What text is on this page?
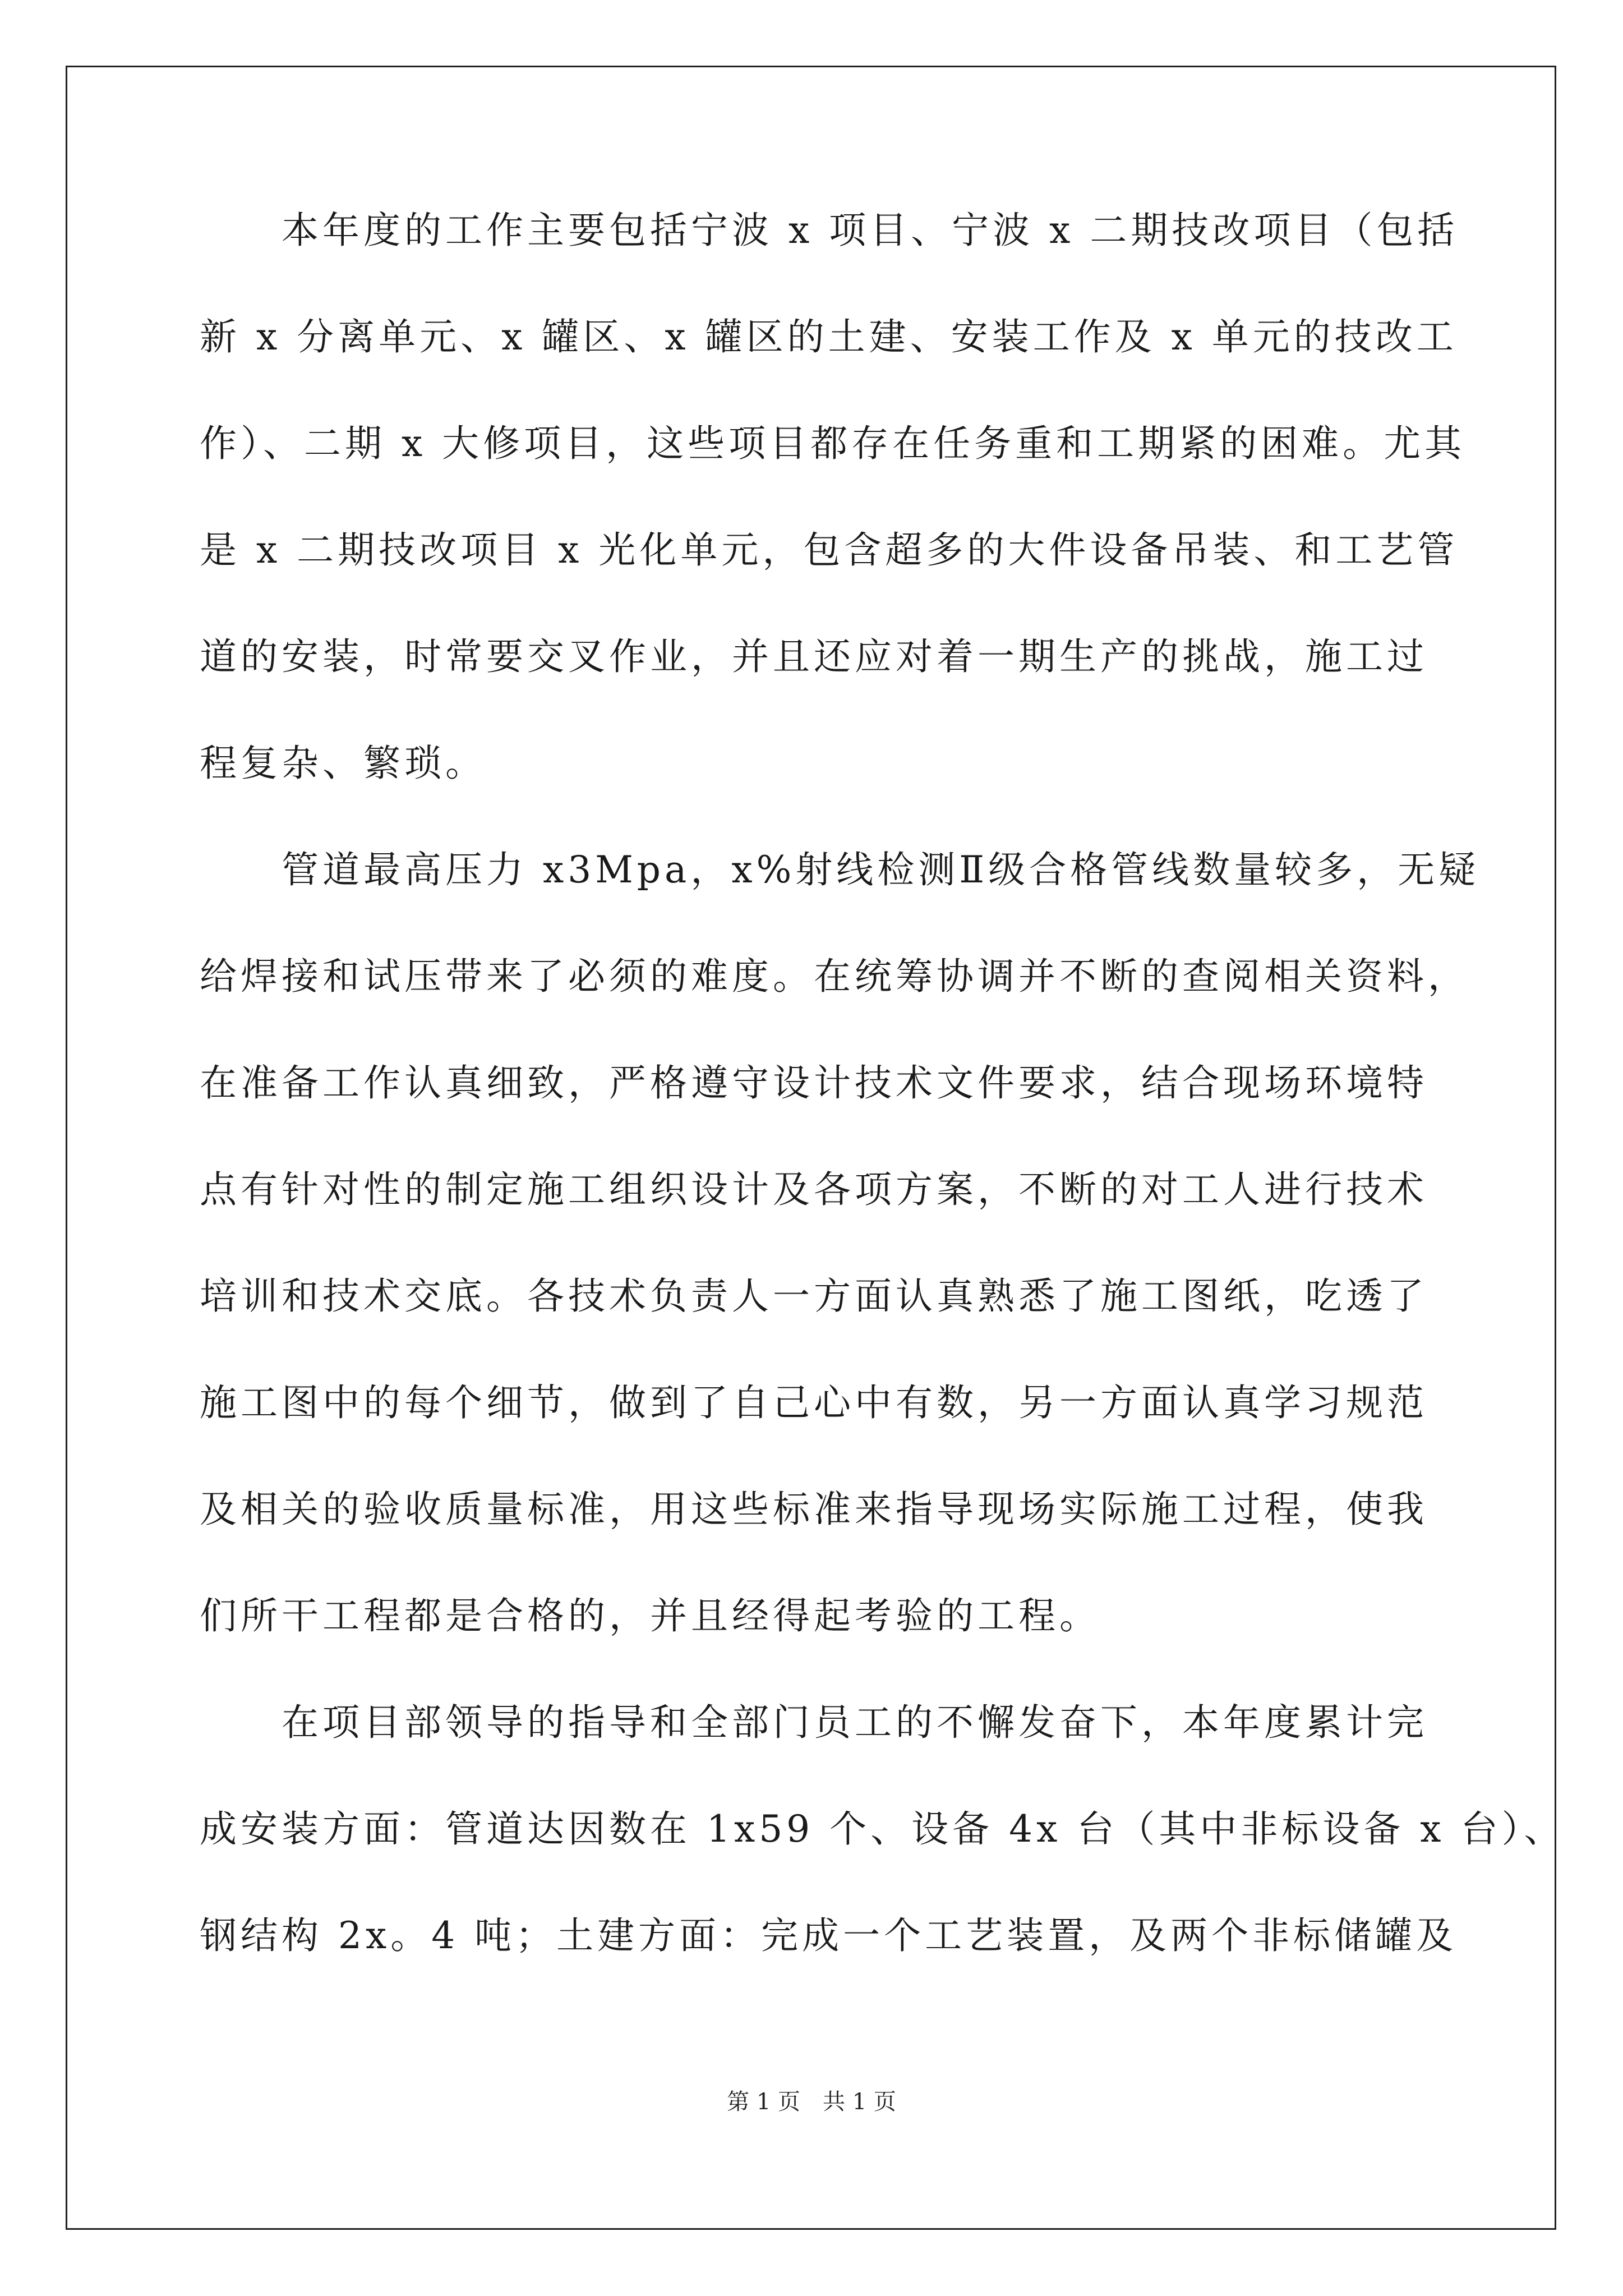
本年度的工作主要包括宁波 x 项目、宁波 x 二期技改项目（包括
新 x 分离单元、x 罐区、x 罐区的土建、安装工作及 x 单元的技改工
作）、二期 x 大修项目，这些项目都存在任务重和工期紧的困难。尤其
是 x 二期技改项目 x 光化单元，包含超多的大件设备吊装、和工艺管
道的安装，时常要交叉作业，并且还应对着一期生产的挑战，施工过
程复杂、繁琐。
管道最高压力 x3Mpa，x%射线检测Ⅱ级合格管线数量较多，无疑
给焊接和试压带来了必须的难度。在统筹协调并不断的查阅相关资料，
在准备工作认真细致，严格遵守设计技术文件要求，结合现场环境特
点有针对性的制定施工组织设计及各项方案，不断的对工人进行技术
培训和技术交底。各技术负责人一方面认真熟悉了施工图纸，吃透了
施工图中的每个细节，做到了自己心中有数，另一方面认真学习规范
及相关的验收质量标准，用这些标准来指导现场实际施工过程，使我
们所干工程都是合格的，并且经得起考验的工程。
在项目部领导的指导和全部门员工的不懈发奋下，本年度累计完
成安装方面：管道达因数在 1x59 个、设备 4x 台（其中非标设备 x 台）、
钢结构 2x。4 吨；土建方面：完成一个工艺装置，及两个非标储罐及
第 1 页　共 1 页
